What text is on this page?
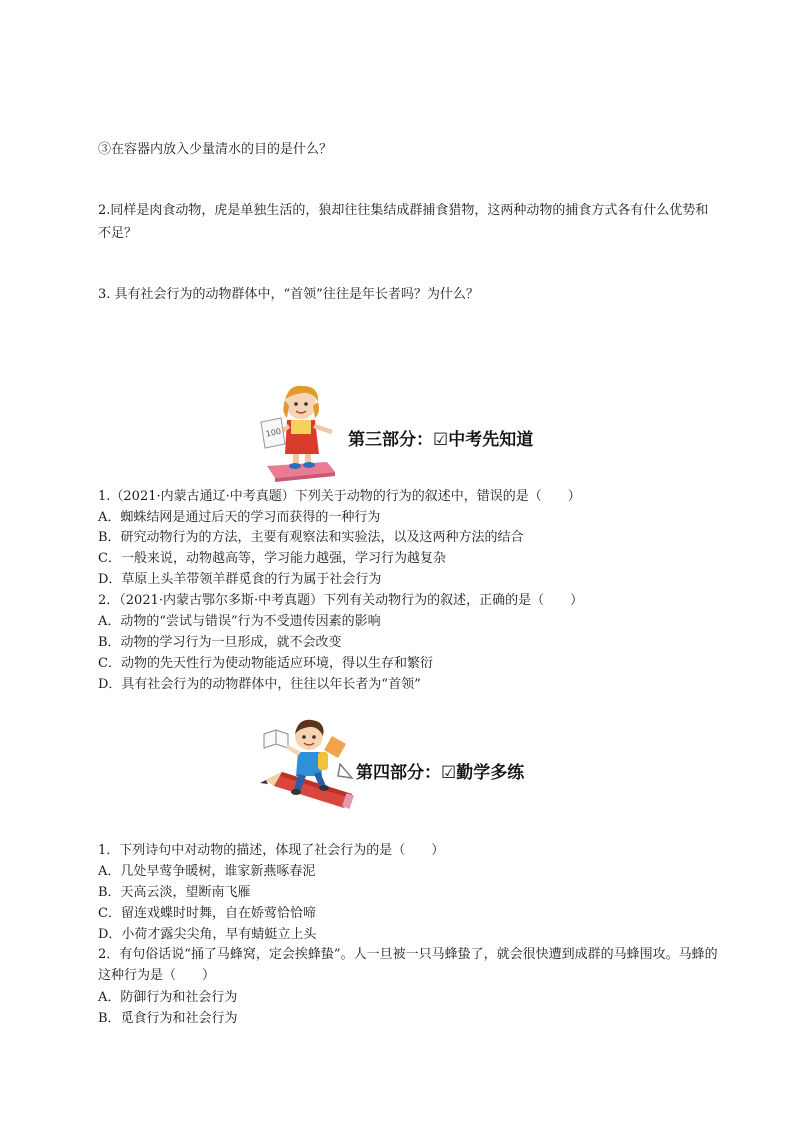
③在容器内放入少量清水的目的是什么？
2.同样是肉食动物，虎是单独生活的，狼却往往集结成群捕食猎物，这两种动物的捕食方式各有什么优势和不足？
3. 具有社会行为的动物群体中，“首领”往往是年长者吗？为什么？
100	第三部分：☑中考先知道
1.（2021·内蒙古通辽·中考真题）下列关于动物的行为的叙述中，错误的是（　　）
A．蜘蛛结网是通过后天的学习而获得的一种行为
B．研究动物行为的方法，主要有观察法和实验法，以及这两种方法的结合
C．一般来说，动物越高等，学习能力越强，学习行为越复杂
D．草原上头羊带领羊群觅食的行为属于社会行为
2．（2021·内蒙古鄂尔多斯·中考真题）下列有关动物行为的叙述，正确的是（　　）
A．动物的“尝试与错误”行为不受遗传因素的影响
B．动物的学习行为一旦形成，就不会改变
C．动物的先天性行为使动物能适应环境，得以生存和繁衍
D．具有社会行为的动物群体中，往往以年长者为“首领”
第四部分：☑勤学多练
1．下列诗句中对动物的描述，体现了社会行为的是（　　）
A．几处早莺争暖树，谁家新燕啄春泥
B．天高云淡，望断南飞雁
C．留连戏蝶时时舞，自在娇莺恰恰啼
D．小荷才露尖尖角，早有蜻蜓立上头
2．有句俗话说“捅了马蜂窝，定会挨蜂蛰”。人一旦被一只马蜂蛰了，就会很快遭到成群的马蜂围攻。马蜂的这种行为是（　　）
A．防御行为和社会行为
B．觅食行为和社会行为
